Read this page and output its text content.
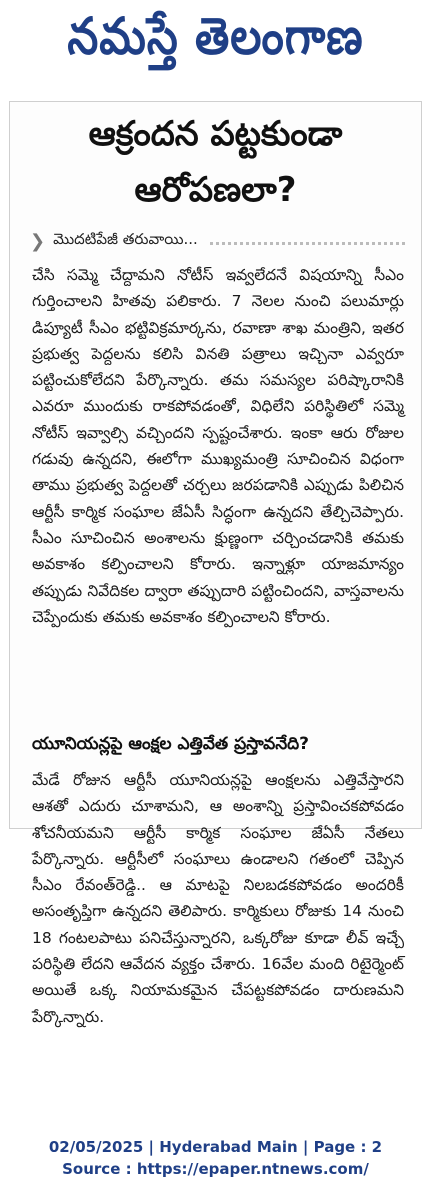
నమస్తే తెలంగాణ
ఆక్రందన పట్టకుండా
ఆరోపణలా?
❯ మొదటిపేజీ తరువాయి...

చేసి సమ్మె చేద్దామని నోటీస్ ఇవ్వలేదనే విషయాన్ని సీఎం గుర్తించాలని హితవు పలికారు. 7 నెలల నుంచి పలుమార్లు డిప్యూటీ సీఎం భట్టివిక్రమార్కను, రవాణా శాఖ మంత్రిని, ఇతర ప్రభుత్వ పెద్దలను కలిసి వినతి పత్రాలు ఇచ్చినా ఎవ్వరూ పట్టించుకోలేదని పేర్కొన్నారు. తమ సమస్యల పరిష్కారానికి ఎవరూ ముందుకు రాకపోవడంతో, విధిలేని పరిస్థితిలో సమ్మె నోటీస్ ఇవ్వాల్సి వచ్చిందని స్పష్టంచేశారు. ఇంకా ఆరు రోజుల గడువు ఉన్నదని, ఈలోగా ముఖ్యమంత్రి సూచించిన విధంగా తాము ప్రభుత్వ పెద్దలతో చర్చలు జరపడానికి ఎప్పుడు పిలిచిన ఆర్టీసీ కార్మిక సంఘాల జేఏసీ సిద్ధంగా ఉన్నదని తేల్చిచెప్పారు. సీఎం సూచించిన అంశాలను క్షుణ్ణంగా చర్చించడానికి తమకు అవకాశం కల్పించాలని కోరారు. ఇన్నాళ్లూ యాజమాన్యం తప్పుడు నివేదికల ద్వారా తప్పుదారి పట్టించిందని, వాస్తవాలను చెప్పేందుకు తమకు అవకాశం కల్పించాలని కోరారు.

యూనియన్లపై ఆంక్షల ఎత్తివేత ప్రస్తావనేది?

మేడే రోజున ఆర్టీసీ యూనియన్లపై ఆంక్షలను ఎత్తివేస్తారని ఆశతో ఎదురు చూశామని, ఆ అంశాన్ని ప్రస్తావించకపోవడం శోచనీయమని ఆర్టీసీ కార్మిక సంఘాల జేఏసీ నేతలు పేర్కొన్నారు. ఆర్టీసీలో సంఘాలు ఉండాలని గతంలో చెప్పిన సీఎం రేవంత్‌రెడ్డి.. ఆ మాటపై నిలబడకపోవడం అందరికీ అసంతృప్తిగా ఉన్నదని తెలిపారు. కార్మికులు రోజుకు 14 నుంచి 18 గంటలపాటు పనిచేస్తున్నారని, ఒక్కరోజు కూడా లీవ్ ఇచ్చే పరిస్థితి లేదని ఆవేదన వ్యక్తం చేశారు. 16వేల మంది రిటైర్మెంట్ అయితే ఒక్క నియామకమైన చేపట్టకపోవడం దారుణమని పేర్కొన్నారు.

02/05/2025 | Hyderabad Main | Page : 2
Source : https://epaper.ntnews.com/
